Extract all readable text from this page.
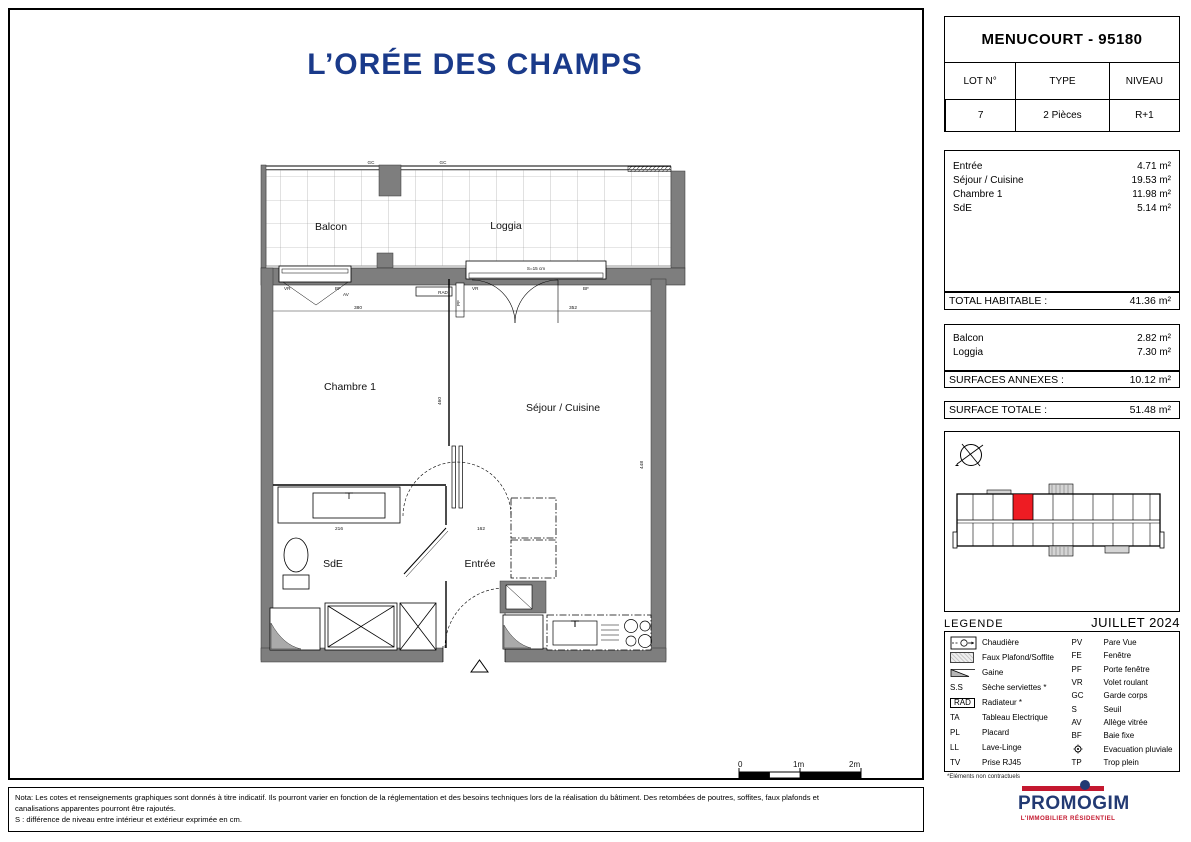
L’ORÉE DES CHAMPS
GC	GC
Balcon	Loggia
VR	BF
AV
S=15 cm
VR	BF
RAD
PF
380	352
460
448
216	162
Chambre 1
Séjour / Cuisine
SdE	Entrée
0	1m	2m
Nota: Les cotes et renseignements graphiques sont donnés à titre indicatif. Ils pourront varier en fonction de la réglementation et des besoins techniques lors de la réalisation du bâtiment. Des retombées de poutres, soffites, faux plafonds et
canalisations apparentes pourront être rajoutés.
S : différence de niveau entre intérieur et extérieur exprimée en cm.
MENUCOURT - 95180
LOT N°	TYPE	NIVEAU
7	2 Pièces	R+1
Entrée	4.71 m²
Séjour / Cuisine	19.53 m²
Chambre 1	11.98 m²
SdE	5.14 m²
TOTAL HABITABLE :	41.36 m²
Balcon	2.82 m²
Loggia	7.30 m²
SURFACES ANNEXES :	10.12 m²
SURFACE TOTALE :	51.48 m²
LEGENDE	JUILLET 2024
Chaudière
Faux Plafond/Soffite
Gaine
S.S Sèche serviettes *
RAD	Radiateur *
TA	Tableau Electrique
PL	Placard
LL	Lave-Linge
TV	Prise RJ45
PV	Pare Vue
FE	Fenêtre
PF	Porte fenêtre
VR	Volet roulant
GC	Garde corps
S	Seuil
AV	Allège vitrée
BF	Baie fixe
Evacuation pluviale
TP	Trop plein
*Eléments non contractuels
PROMOGIM
L'IMMOBILIER RÉSIDENTIEL
